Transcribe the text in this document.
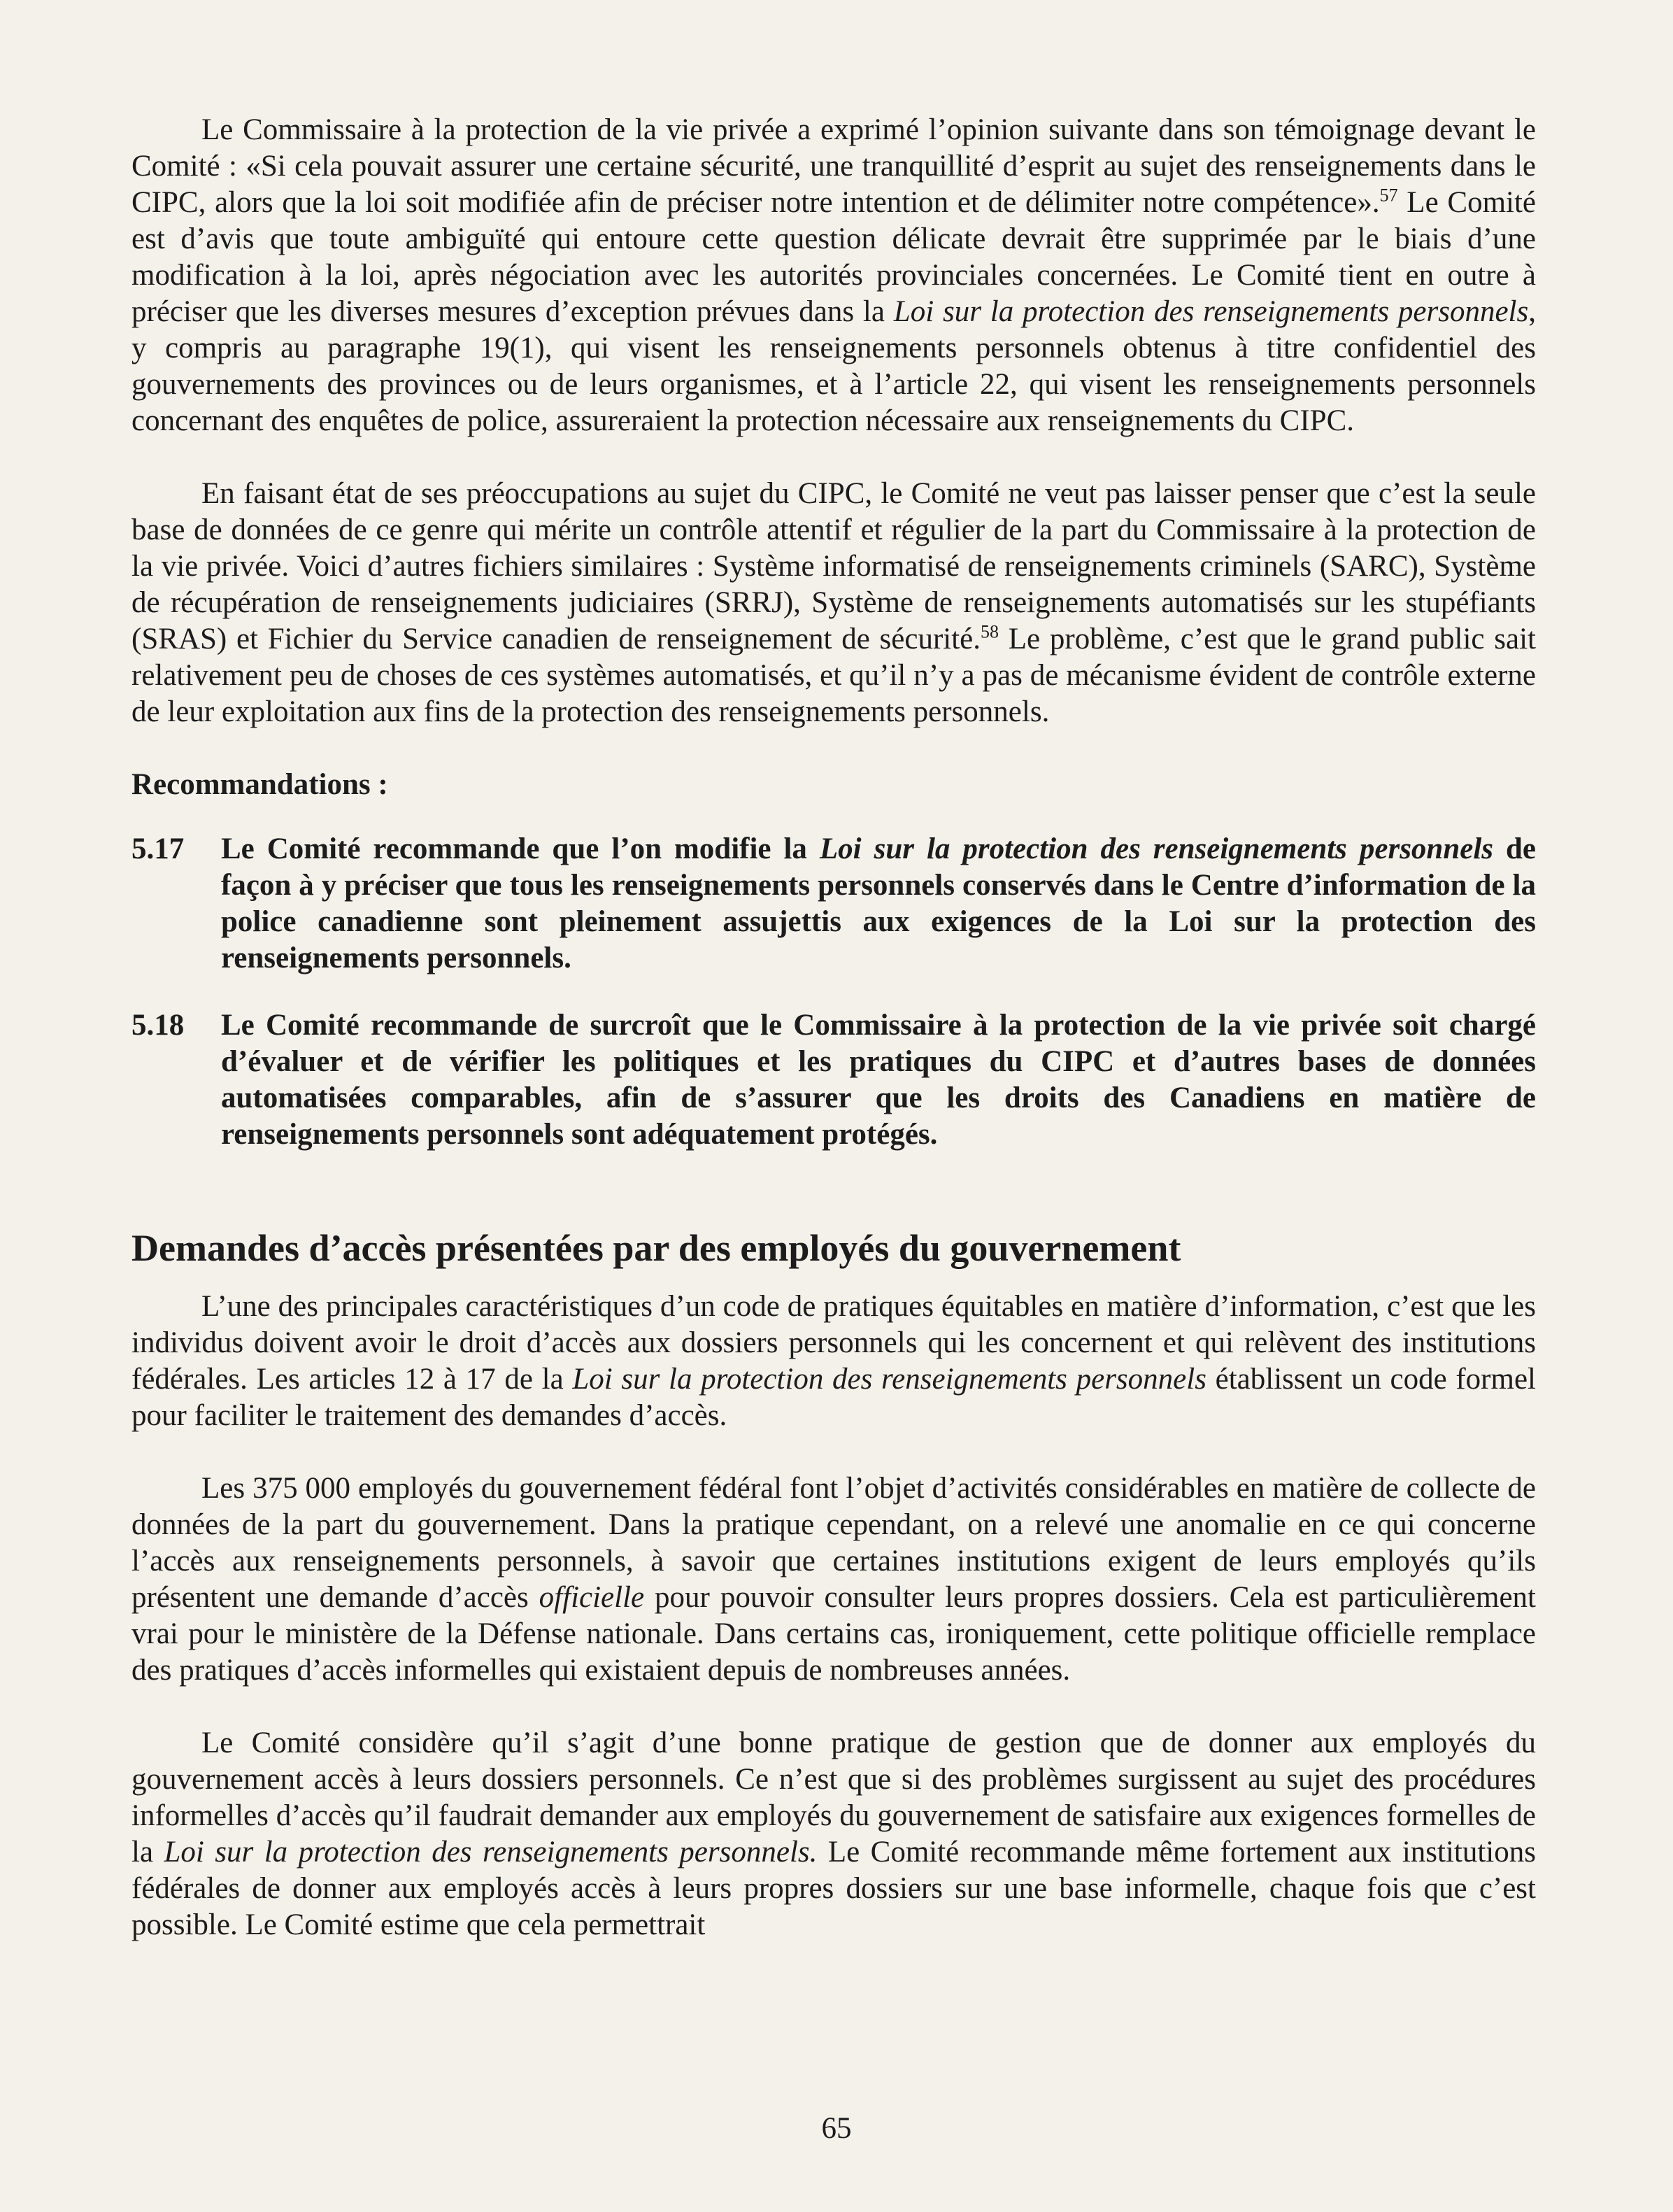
Le Commissaire à la protection de la vie privée a exprimé l’opinion suivante dans son témoignage devant le Comité : «Si cela pouvait assurer une certaine sécurité, une tranquillité d’esprit au sujet des renseignements dans le CIPC, alors que la loi soit modifiée afin de préciser notre intention et de délimiter notre compétence».$^{57}$ Le Comité est d’avis que toute ambiguïté qui entoure cette question délicate devrait être supprimée par le biais d’une modification à la loi, après négociation avec les autorités provinciales concernées. Le Comité tient en outre à préciser que les diverses mesures d’exception prévues dans la Loi sur la protection des renseignements personnels, y compris au paragraphe 19(1), qui visent les renseignements personnels obtenus à titre confidentiel des gouvernements des provinces ou de leurs organismes, et à l’article 22, qui visent les renseignements personnels concernant des enquêtes de police, assureraient la protection nécessaire aux renseignements du CIPC.

En faisant état de ses préoccupations au sujet du CIPC, le Comité ne veut pas laisser penser que c’est la seule base de données de ce genre qui mérite un contrôle attentif et régulier de la part du Commissaire à la protection de la vie privée. Voici d’autres fichiers similaires : Système informatisé de renseignements criminels (SARC), Système de récupération de renseignements judiciaires (SRRJ), Système de renseignements automatisés sur les stupéfiants (SRAS) et Fichier du Service canadien de renseignement de sécurité.$^{58}$ Le problème, c’est que le grand public sait relativement peu de choses de ces systèmes automatisés, et qu’il n’y a pas de mécanisme évident de contrôle externe de leur exploitation aux fins de la protection des renseignements personnels.

Recommandations :
5.17	Le Comité recommande que l’on modifie la Loi sur la protection des renseignements personnels de façon à y préciser que tous les renseignements personnels conservés dans le Centre d’information de la police canadienne sont pleinement assujettis aux exigences de la Loi sur la protection des renseignements personnels.
5.18	Le Comité recommande de surcroît que le Commissaire à la protection de la vie privée soit chargé d’évaluer et de vérifier les politiques et les pratiques du CIPC et d’autres bases de données automatisées comparables, afin de s’assurer que les droits des Canadiens en matière de renseignements personnels sont adéquatement protégés.
Demandes d’accès présentées par des employés du gouvernement

L’une des principales caractéristiques d’un code de pratiques équitables en matière d’information, c’est que les individus doivent avoir le droit d’accès aux dossiers personnels qui les concernent et qui relèvent des institutions fédérales. Les articles 12 à 17 de la Loi sur la protection des renseignements personnels établissent un code formel pour faciliter le traitement des demandes d’accès.

Les 375 000 employés du gouvernement fédéral font l’objet d’activités considérables en matière de collecte de données de la part du gouvernement. Dans la pratique cependant, on a relevé une anomalie en ce qui concerne l’accès aux renseignements personnels, à savoir que certaines institutions exigent de leurs employés qu’ils présentent une demande d’accès officielle pour pouvoir consulter leurs propres dossiers. Cela est particulièrement vrai pour le ministère de la Défense nationale. Dans certains cas, ironiquement, cette politique officielle remplace des pratiques d’accès informelles qui existaient depuis de nombreuses années.

Le Comité considère qu’il s’agit d’une bonne pratique de gestion que de donner aux employés du gouvernement accès à leurs dossiers personnels. Ce n’est que si des problèmes surgissent au sujet des procédures informelles d’accès qu’il faudrait demander aux employés du gouvernement de satisfaire aux exigences formelles de la Loi sur la protection des renseignements personnels. Le Comité recommande même fortement aux institutions fédérales de donner aux employés accès à leurs propres dossiers sur une base informelle, chaque fois que c’est possible. Le Comité estime que cela permettrait

65
